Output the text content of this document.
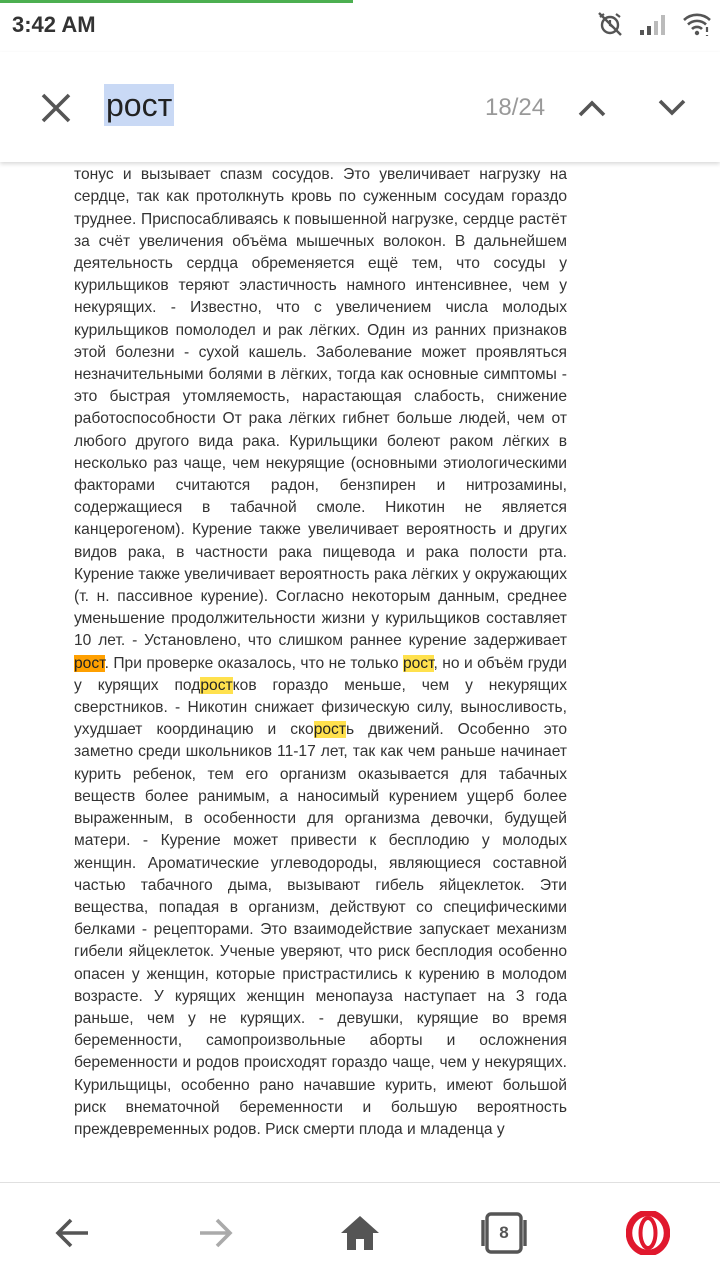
3:42 AM
рост	18/24

тонус и вызывает спазм сосудов. Это увеличивает нагрузку на сердце, так как протолкнуть кровь по суженным сосудам гораздо труднее. Приспосабливаясь к повышенной нагрузке, сердце растёт за счёт увеличения объёма мышечных волокон. В дальнейшем деятельность сердца обременяется ещё тем, что сосуды у курильщиков теряют эластичность намного интенсивнее, чем у некурящих. - Известно, что с увеличением числа молодых курильщиков помолодел и рак лёгких. Один из ранних признаков этой болезни - сухой кашель. Заболевание может проявляться незначительными болями в лёгких, тогда как основные симптомы - это быстрая утомляемость, нарастающая слабость, снижение работоспособности От рака лёгких гибнет больше людей, чем от любого другого вида рака. Курильщики болеют раком лёгких в несколько раз чаще, чем некурящие (основными этиологическими факторами считаются радон, бензпирен и нитрозамины, содержащиеся в табачной смоле. Никотин не является канцерогеном). Курение также увеличивает вероятность и других видов рака, в частности рака пищевода и рака полости рта. Курение также увеличивает вероятность рака лёгких у окружающих (т. н. пассивное курение). Согласно некоторым данным, среднее уменьшение продолжительности жизни у курильщиков составляет 10 лет. - Установлено, что слишком раннее курение задерживает рост. При проверке оказалось, что не только рост, но и объём груди у курящих подростков гораздо меньше, чем у некурящих сверстников. - Никотин снижает физическую силу, выносливость, ухудшает координацию и скорость движений. Особенно это заметно среди школьников 11-17 лет, так как чем раньше начинает курить ребенок, тем его организм оказывается для табачных веществ более ранимым, а наносимый курением ущерб более выраженным, в особенности для организма девочки, будущей матери. - Курение может привести к бесплодию у молодых женщин. Ароматические углеводороды, являющиеся составной частью табачного дыма, вызывают гибель яйцеклеток. Эти вещества, попадая в организм, действуют со специфическими белками - рецепторами. Это взаимодействие запускает механизм гибели яйцеклеток. Ученые уверяют, что риск бесплодия особенно опасен у женщин, которые пристрастились к курению в молодом возрасте. У курящих женщин менопауза наступает на 3 года раньше, чем у не курящих. - девушки, курящие во время беременности, самопроизвольные аборты и осложнения беременности и родов происходят гораздо чаще, чем у некурящих. Курильщицы, особенно рано начавшие курить, имеют большой риск внематочной беременности и большую вероятность преждевременных родов. Риск смерти плода и младенца у

8
